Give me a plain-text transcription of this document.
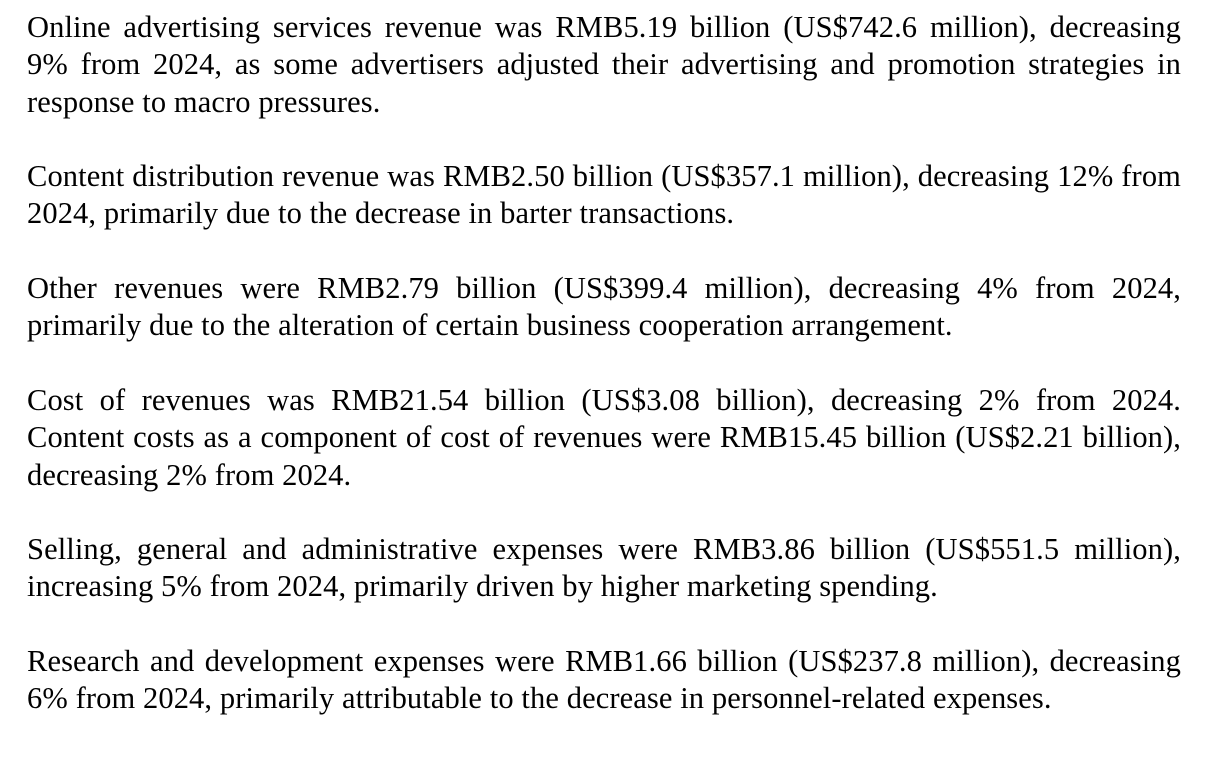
Online advertising services revenue was RMB5.19 billion (US$742.6 million), decreasing 9% from 2024, as some advertisers adjusted their advertising and promotion strategies in response to macro pressures.

Content distribution revenue was RMB2.50 billion (US$357.1 million), decreasing 12% from 2024, primarily due to the decrease in barter transactions.

Other revenues were RMB2.79 billion (US$399.4 million), decreasing 4% from 2024, primarily due to the alteration of certain business cooperation arrangement.

Cost of revenues was RMB21.54 billion (US$3.08 billion), decreasing 2% from 2024. Content costs as a component of cost of revenues were RMB15.45 billion (US$2.21 billion), decreasing 2% from 2024.

Selling, general and administrative expenses were RMB3.86 billion (US$551.5 million), increasing 5% from 2024, primarily driven by higher marketing spending.

Research and development expenses were RMB1.66 billion (US$237.8 million), decreasing 6% from 2024, primarily attributable to the decrease in personnel-related expenses.
